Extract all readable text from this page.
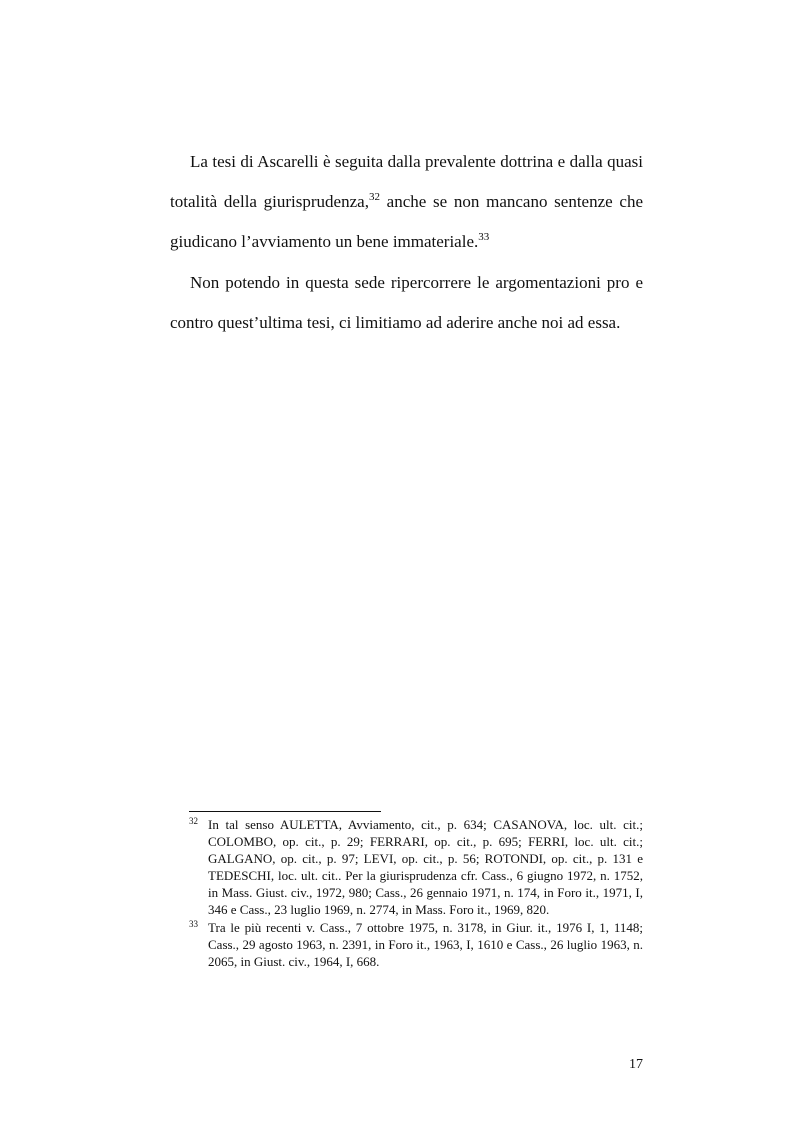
La tesi di Ascarelli è seguita dalla prevalente dottrina e dalla quasi totalità della giurisprudenza,$^{32}$ anche se non mancano sentenze che giudicano l’avviamento un bene immateriale.$^{33}$

Non potendo in questa sede ripercorrere le argomentazioni pro e contro quest’ultima tesi, ci limitiamo ad aderire anche noi ad essa.

32 In tal senso AULETTA, Avviamento, cit., p. 634; CASANOVA, loc. ult. cit.; COLOMBO, op. cit., p. 29; FERRARI, op. cit., p. 695; FERRI, loc. ult. cit.; GALGANO, op. cit., p. 97; LEVI, op. cit., p. 56; ROTONDI, op. cit., p. 131 e TEDESCHI, loc. ult. cit.. Per la giurisprudenza cfr. Cass., 6 giugno 1972, n. 1752, in Mass. Giust. civ., 1972, 980; Cass., 26 gennaio 1971, n. 174, in Foro it., 1971, I, 346 e Cass., 23 luglio 1969, n. 2774, in Mass. Foro it., 1969, 820.
33 Tra le più recenti v. Cass., 7 ottobre 1975, n. 3178, in Giur. it., 1976 I, 1, 1148; Cass., 29 agosto 1963, n. 2391, in Foro it., 1963, I, 1610 e Cass., 26 luglio 1963, n. 2065, in Giust. civ., 1964, I, 668.
17
